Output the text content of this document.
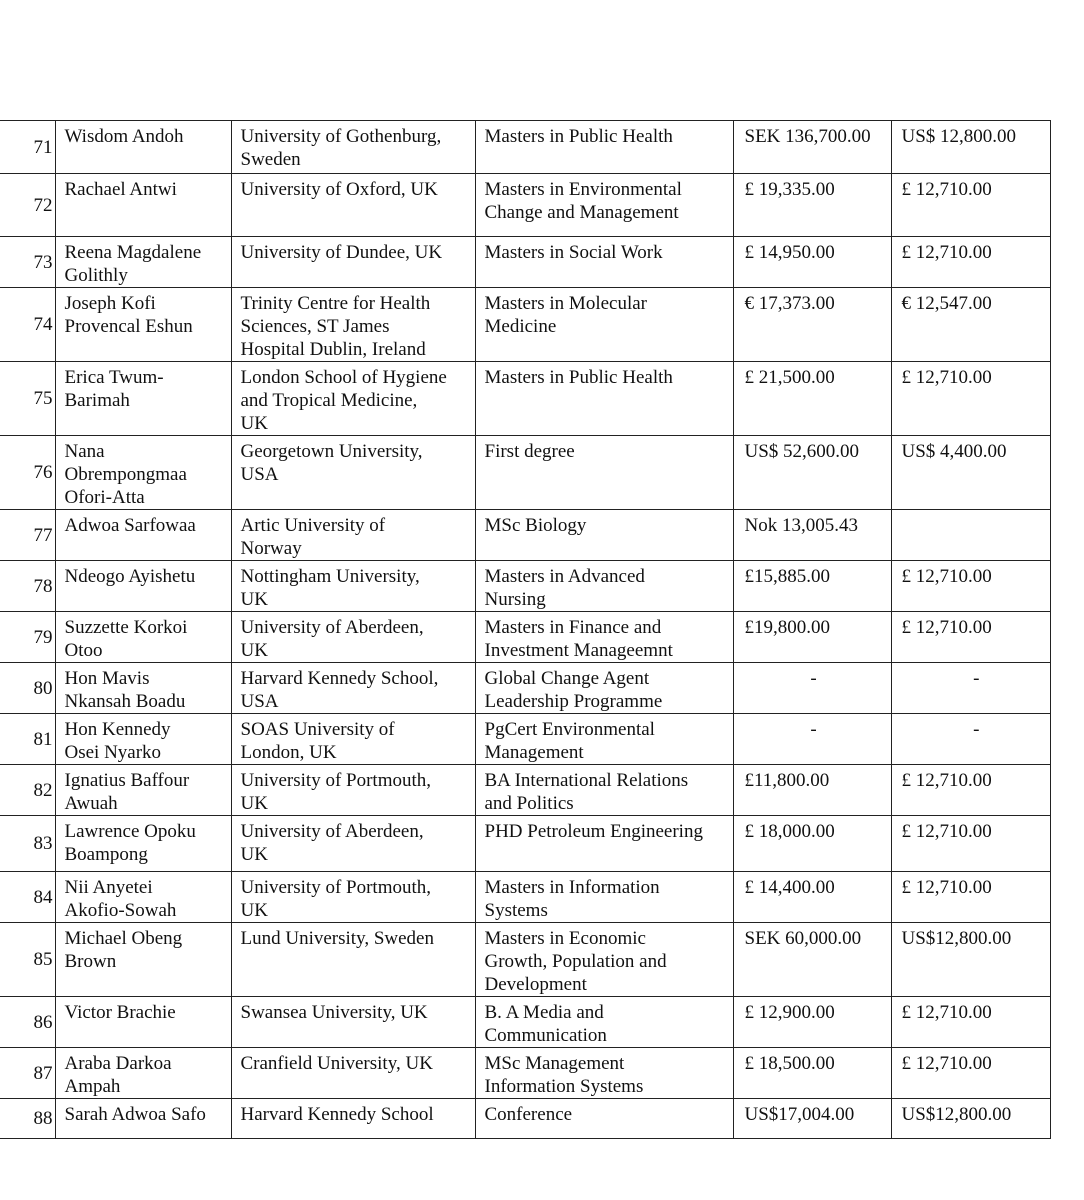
71	Wisdom Andoh	University of Gothenburg,
Sweden	Masters in Public Health	SEK 136,700.00	US$ 12,800.00
72	Rachael Antwi	University of Oxford, UK	Masters in Environmental
Change and Management	£ 19,335.00	£ 12,710.00
73	Reena Magdalene
Golithly	University of Dundee, UK	Masters in Social Work	£ 14,950.00	£ 12,710.00
74	Joseph Kofi
Provencal Eshun	Trinity Centre for Health
Sciences, ST James
Hospital Dublin, Ireland	Masters in Molecular
Medicine	€ 17,373.00	€ 12,547.00
75	Erica Twum-
Barimah	London School of Hygiene
and Tropical Medicine,
UK	Masters in Public Health	£ 21,500.00	£ 12,710.00
76	Nana
Obrempongmaa
Ofori-Atta	Georgetown University,
USA	First degree	US$ 52,600.00	US$ 4,400.00
77	Adwoa Sarfowaa	Artic University of
Norway	MSc Biology	Nok 13,005.43	
78	Ndeogo Ayishetu	Nottingham University,
UK	Masters in Advanced
Nursing	£15,885.00	£ 12,710.00
79	Suzzette Korkoi
Otoo	University of Aberdeen,
UK	Masters in Finance and
Investment Manageemnt	£19,800.00	£ 12,710.00
80	Hon Mavis
Nkansah Boadu	Harvard Kennedy School,
USA	Global Change Agent
Leadership Programme	-	-
81	Hon Kennedy
Osei Nyarko	SOAS University of
London, UK	PgCert Environmental
Management	-	-
82	Ignatius Baffour
Awuah	University of Portmouth,
UK	BA International Relations
and Politics	£11,800.00	£ 12,710.00
83	Lawrence Opoku
Boampong	University of Aberdeen,
UK	PHD Petroleum Engineering	£ 18,000.00	£ 12,710.00
84	Nii Anyetei
Akofio-Sowah	University of Portmouth,
UK	Masters in Information
Systems	£ 14,400.00	£ 12,710.00
85	Michael Obeng
Brown	Lund University, Sweden	Masters in Economic
Growth, Population and
Development	SEK 60,000.00	US$12,800.00
86	Victor Brachie	Swansea University, UK	B. A Media and
Communication	£ 12,900.00	£ 12,710.00
87	Araba Darkoa
Ampah	Cranfield University, UK	MSc Management
Information Systems	£ 18,500.00	£ 12,710.00
88	Sarah Adwoa Safo	Harvard Kennedy School	Conference	US$17,004.00	US$12,800.00
